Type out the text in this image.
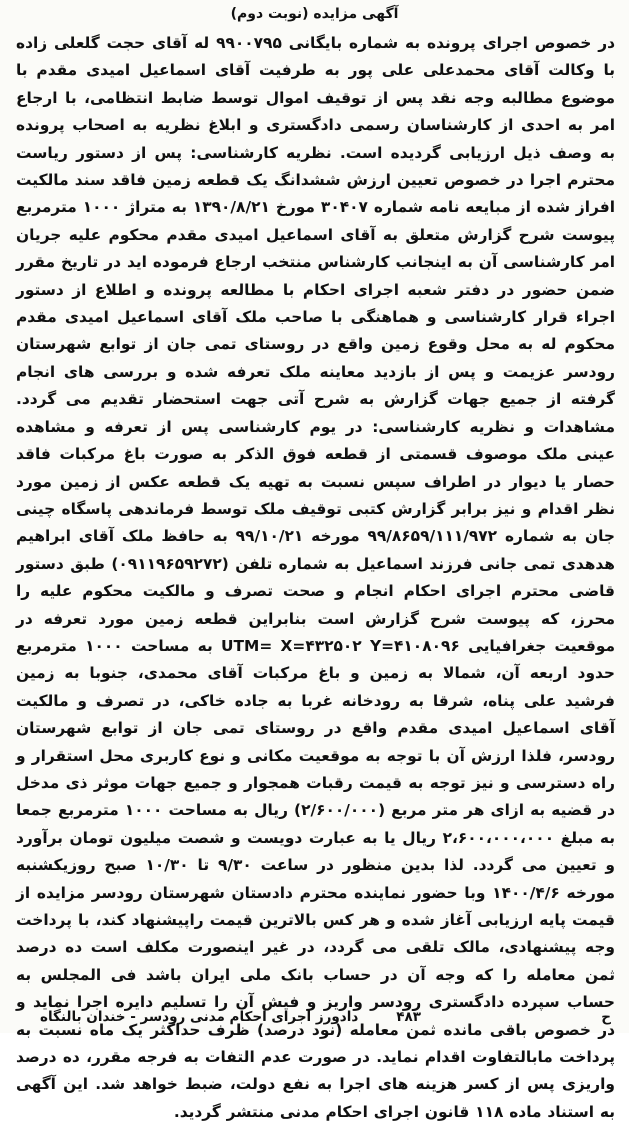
آگهی مزایده (نوبت دوم)

در خصوص اجرای پرونده به شماره بایگانی ۹۹۰۰۷۹۵ له آقای حجت گلعلی زاده با وکالت آقای محمدعلی علی پور به طرفیت آقای اسماعیل امیدی مقدم با موضوع مطالبه وجه نقد پس از توقیف اموال توسط ضابط انتظامی، با ارجاع امر به احدی از کارشناسان رسمی دادگستری و ابلاغ نظریه به اصحاب پرونده به وصف ذیل ارزیابی گردیده است. نظریه کارشناسی: پس از دستور ریاست محترم اجرا در خصوص تعیین ارزش ششدانگ یک قطعه زمین فاقد سند مالکیت افراز شده از مبایعه نامه شماره ۳۰۴۰۷ مورخ ۱۳۹۰/۸/۲۱ به متراژ ۱۰۰۰ مترمربع پیوست شرح گزارش متعلق به آقای اسماعیل امیدی مقدم محکوم علیه جریان امر کارشناسی آن به اینجانب کارشناس منتخب ارجاع فرموده اید در تاریخ مقرر ضمن حضور در دفتر شعبه اجرای احکام با مطالعه پرونده و اطلاع از دستور اجراء قرار کارشناسی و هماهنگی با صاحب ملک آقای اسماعیل امیدی مقدم محکوم له به محل وقوع زمین واقع در روستای تمی جان از توابع شهرستان رودسر عزیمت و پس از بازدید معاینه ملک تعرفه شده و بررسی های انجام گرفته از جمیع جهات گزارش به شرح آتی جهت استحضار تقدیم می گردد. مشاهدات و نظریه کارشناسی: در یوم کارشناسی پس از تعرفه و مشاهده عینی ملک موصوف قسمتی از قطعه فوق الذکر به صورت باغ مرکبات فاقد حصار یا دیوار در اطراف سپس نسبت به تهیه یک قطعه عکس از زمین مورد نظر اقدام و نیز برابر گزارش کتبی توقیف ملک توسط فرماندهی پاسگاه چینی جان به شماره ۹۹/۸۶۵۹/۱۱۱/۹۷۲ مورخه ۹۹/۱۰/۲۱ به حافظ ملک آقای ابراهیم هدهدی تمی جانی فرزند اسماعیل به شماره تلفن (۰۹۱۱۹۶۵۹۲۷۲) طبق دستور قاضی محترم اجرای احکام انجام و صحت تصرف و مالکیت محکوم علیه را محرز، که پیوست شرح گزارش است بنابراین قطعه زمین مورد تعرفه در موقعیت جغرافیایی UTM= X=۴۳۲۵۰۲ Y=۴۱۰۸۰۹۶ به مساحت ۱۰۰۰ مترمربع حدود اربعه آن، شمالا به زمین و باغ مرکبات آقای محمدی، جنوبا به زمین فرشید علی پناه، شرقا به رودخانه غربا به جاده خاکی، در تصرف و مالکیت آقای اسماعیل امیدی مقدم واقع در روستای تمی جان از توابع شهرستان رودسر، فلذا ارزش آن با توجه به موقعیت مکانی و نوع کاربری محل استقرار و راه دسترسی و نیز توجه به قیمت رقبات همجوار و جمیع جهات موثر ذی مدخل در قضیه به ازای هر متر مربع (۲/۶۰۰/۰۰۰) ریال به مساحت ۱۰۰۰ مترمربع جمعا به مبلغ ۲،۶۰۰،۰۰۰،۰۰۰ ریال یا به عبارت دویست و شصت میلیون تومان برآورد و تعیین می گردد. لذا بدین منظور در ساعت ۹/۳۰ تا ۱۰/۳۰ صبح روزیکشنبه مورخه ۱۴۰۰/۴/۶ وبا حضور نماینده محترم دادستان شهرستان رودسر مزایده از قیمت پایه ارزیابی آغاز شده و هر کس بالاترین قیمت راپیشنهاد کند، با پرداخت وجه پیشنهادی، مالک تلقی می گردد، در غیر اینصورت مکلف است ده درصد ثمن معامله را که وجه آن در حساب بانک ملی ایران باشد فی المجلس به حساب سپرده دادگستری رودسر واریز و فیش آن را تسلیم دایره اجرا نماید و در خصوص باقی مانده ثمن معامله (نود درصد) ظرف حداکثر یک ماه نسبت به پرداخت مابالتفاوت اقدام نماید. در صورت عدم التفات به فرجه مقرر، ده درصد واریزی پس از کسر هزینه های اجرا به نفع دولت، ضبط خواهد شد. این آگهی به استناد ماده ۱۱۸ قانون اجرای احکام مدنی منتشر گردید.

ح
۴۸۳
دادورز اجرای احکام مدنی رودسر - خندان بالنگاه
